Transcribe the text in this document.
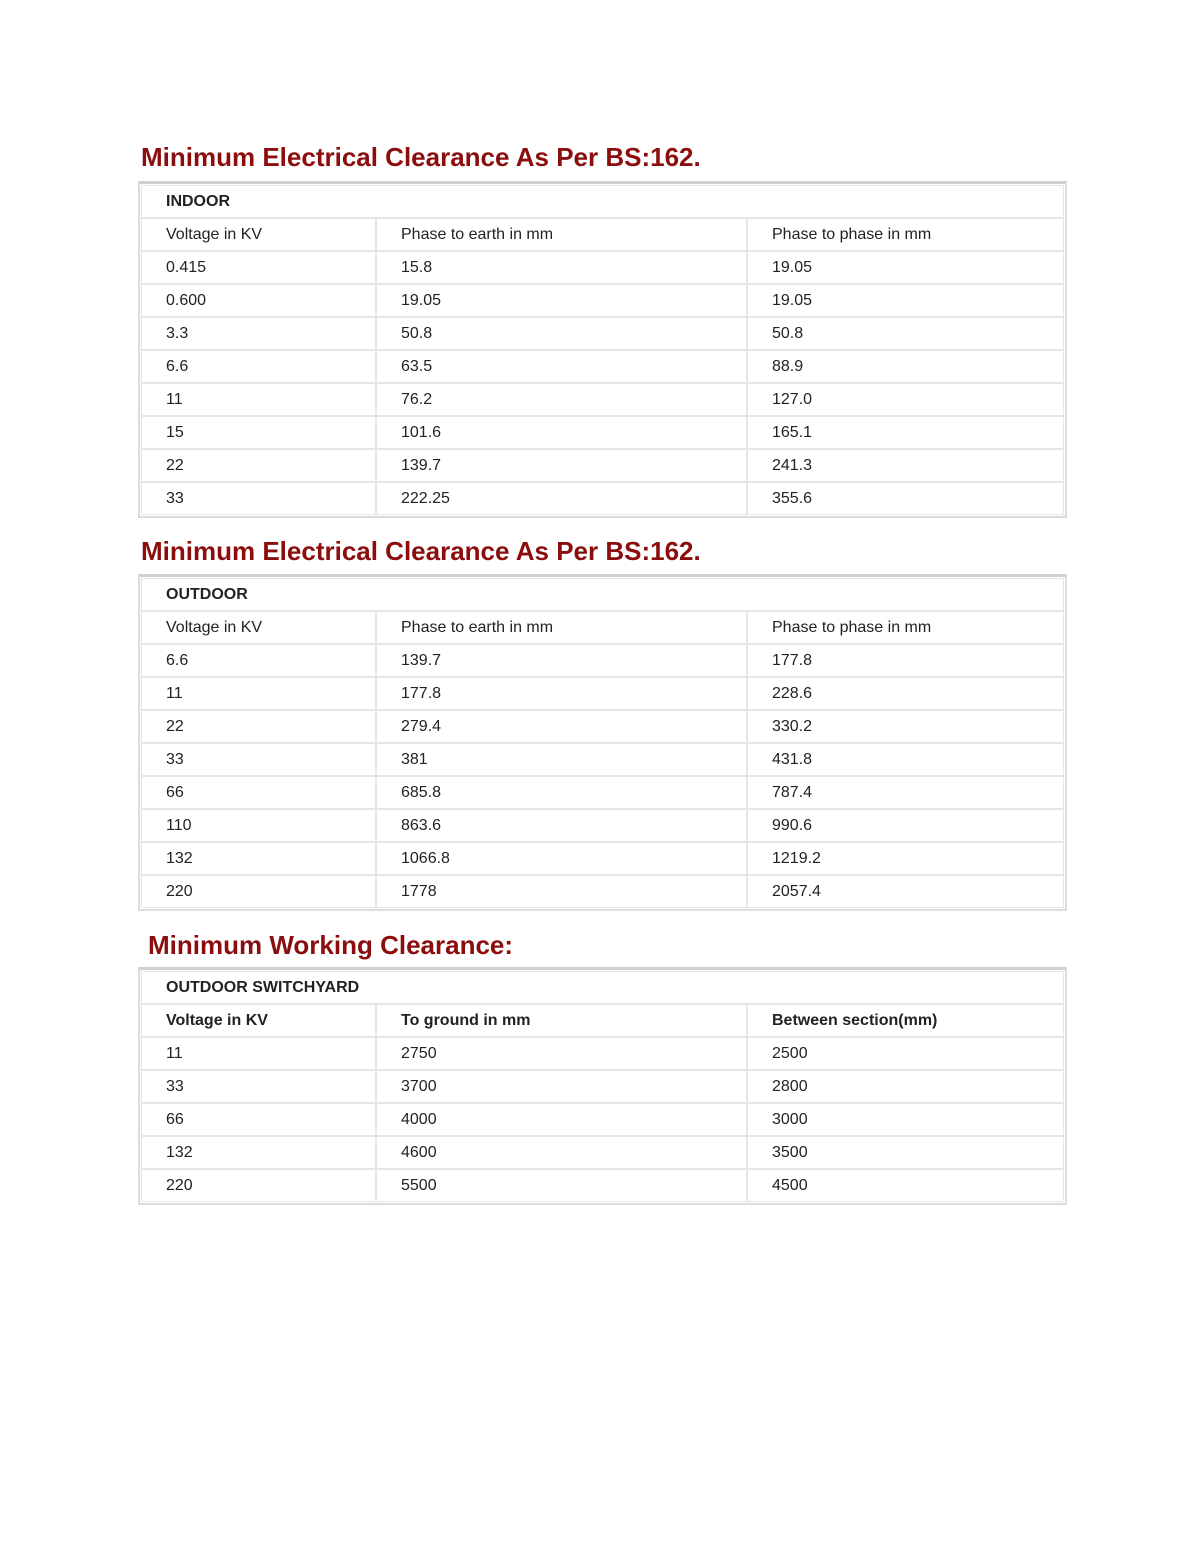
Minimum Electrical Clearance As Per BS:162.
INDOOR		
Voltage in KV	Phase to earth in mm	Phase to phase in mm
0.415	15.8	19.05
0.600	19.05	19.05
3.3	50.8	50.8
6.6	63.5	88.9
11	76.2	127.0
15	101.6	165.1
22	139.7	241.3
33	222.25	355.6
Minimum Electrical Clearance As Per BS:162.
OUTDOOR		
Voltage in KV	Phase to earth in mm	Phase to phase in mm
6.6	139.7	177.8
11	177.8	228.6
22	279.4	330.2
33	381	431.8
66	685.8	787.4
110	863.6	990.6
132	1066.8	1219.2
220	1778	2057.4
Minimum Working Clearance:
OUTDOOR SWITCHYARD		
Voltage in KV	To ground in mm	Between section(mm)
11	2750	2500
33	3700	2800
66	4000	3000
132	4600	3500
220	5500	4500
